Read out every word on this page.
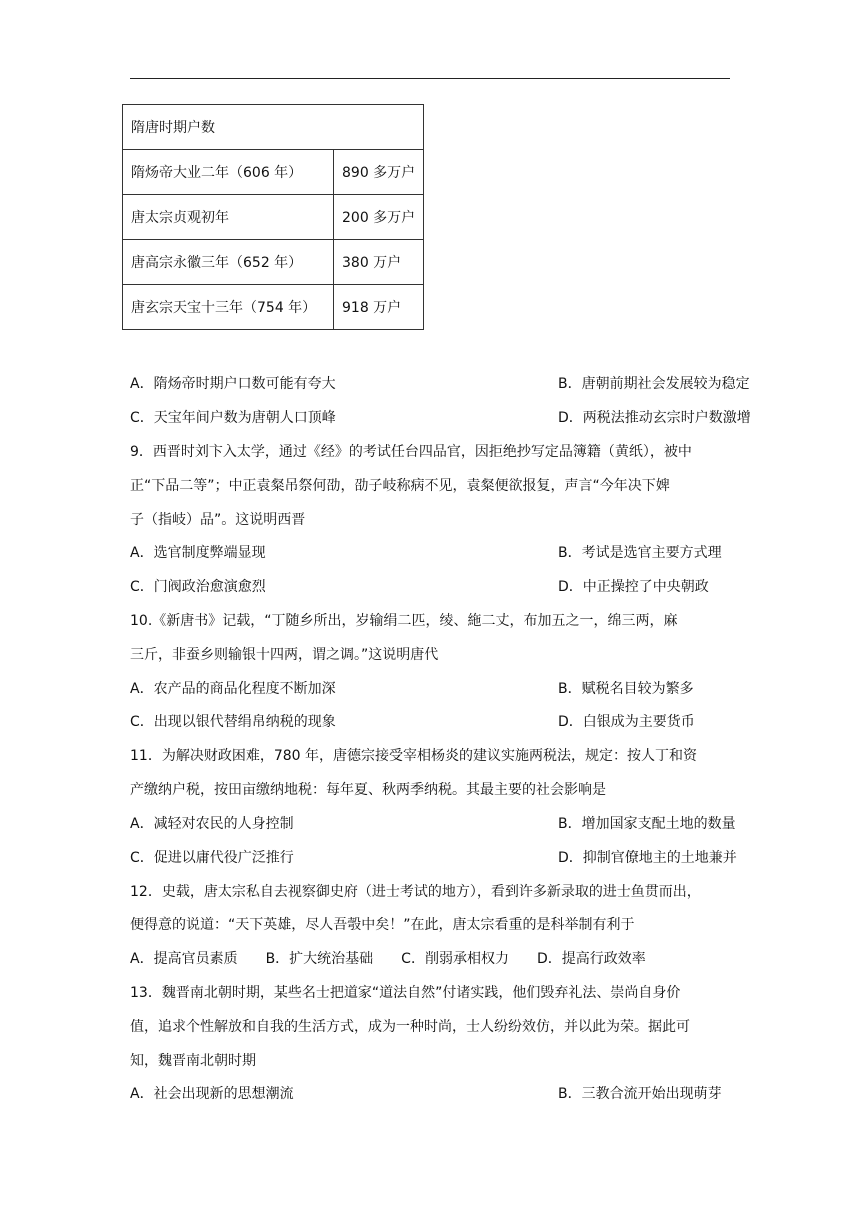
隋唐时期户数	
隋炀帝大业二年（606 年）	890 多万户
唐太宗贞观初年	200 多万户
唐高宗永徽三年（652 年）	380 万户
唐玄宗天宝十三年（754 年）	918 万户
A．隋炀帝时期户口数可能有夸大	B．唐朝前期社会发展较为稳定
C．天宝年间户数为唐朝人口顶峰	D．两税法推动玄宗时户数激增
9．西晋时刘卞入太学，通过《经》的考试任台四品官，因拒绝抄写定品簿籍（黄纸），被中
正“下品二等”；中正袁粲吊祭何劭，劭子岐称病不见，袁粲便欲报复，声言“今年决下婢
子（指岐）品”。这说明西晋
A．选官制度弊端显现	B．考试是选官主要方式理
C．门阀政治愈演愈烈	D．中正操控了中央朝政
10.《新唐书》记载，“丁随乡所出，岁输绢二匹，绫、絁二丈，布加五之一，绵三两，麻
三斤，非蚕乡则输银十四两，谓之调。”这说明唐代
A．农产品的商品化程度不断加深	B．赋税名目较为繁多
C．出现以银代替绢帛纳税的现象	D．白银成为主要货币
11．为解决财政困难，780 年，唐德宗接受宰相杨炎的建议实施两税法，规定：按人丁和资
产缴纳户税，按田亩缴纳地税：每年夏、秋两季纳税。其最主要的社会影响是
A．减轻对农民的人身控制	B．增加国家支配土地的数量
C．促进以庸代役广泛推行	D．抑制官僚地主的土地兼并
12．史载，唐太宗私自去视察御史府（进士考试的地方），看到许多新录取的进士鱼贯而出，
便得意的说道：“天下英雄，尽人吾彀中矣！”在此，唐太宗看重的是科举制有利于
A．提高官员素质　　B．扩大统治基础　　C．削弱承相权力　　D．提高行政效率
13．魏晋南北朝时期，某些名士把道家“道法自然”付诸实践，他们毁弃礼法、崇尚自身价
值，追求个性解放和自我的生活方式，成为一种时尚，士人纷纷效仿，并以此为荣。据此可
知，魏晋南北朝时期
A．社会出现新的思想潮流	B．三教合流开始出现萌芽
